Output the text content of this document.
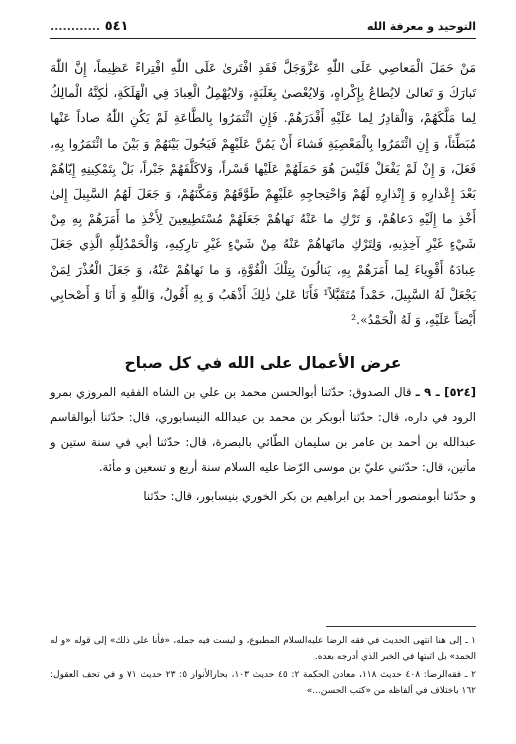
التوحيد و معرفة الله
............ ٥٤١
مَنْ حَمَلَ الْمَعاصِي عَلَى اللّٰهِ عَزَّوَجَلَّ فَقَدِ افْتَرىٰ عَلَى اللّٰهِ افْتِراءً عَظِيماً، إِنَّ اللّٰهَ تَبارَكَ وَ تَعالىٰ لايُطاعُ بِإِكْراهٍ، وَلايُعْصىٰ بِغَلَبَةٍ، وَلايُهْمِلُ الْعِبادَ فِي الْهَلَكَةِ، لٰكِنَّهُ الْمالِكُ لِما مَلَّكَهُمْ، وَالْقادِرُ لِما عَلَيْهِ أَقْدَرَهُمْ. فَإِنِ ائْتَمَرُوا بِالطَّاعَةِ لَمْ يَكُنِ اللّٰهُ صاداً عَنْها مُبَطِّئاً، وَ إِنِ ائْتَمَرُوا بِالْمَعْصِيَةِ فَشاءَ أَنْ يَمُنَّ عَلَيْهِمْ فَيَحُولَ بَيْنَهُمْ وَ بَيْنَ ما ائْتَمَرُوا بِهِ، فَعَلَ، وَ إِنْ لَمْ يَفْعَلْ فَلَيْسَ هُوَ حَمَلَهُمْ عَلَيْها قَسْراً، وَلاكَلَّفَهُمْ جَبْراً، بَلْ بِتَمْكِينِهِ إِيّاهُمْ بَعْدَ إِعْذارِهِ وَ إِنْذارِهِ لَهُمْ وَاحْتِجاجِهِ عَلَيْهِمْ طَوَّقَهُمْ وَمَكَّنَهُمْ، وَ جَعَلَ لَهُمُ السَّبِيلَ إِلىٰ أَخْذِ ما إِلَيْهِ دَعاهُمْ، وَ تَرْكِ ما عَنْهُ نَهاهُمْ جَعَلَهُمْ مُسْتَطِيعِينَ لِأَخْذِ ما أَمَرَهُمْ بِهِ مِنْ شَيْءٍ غَيْرِ آخِذِيهِ، وَلِتَرْكِ مانَهاهُمْ عَنْهُ مِنْ شَيْءٍ غَيْرِ تارِكِيهِ، وَالْحَمْدُلِلّٰهِ الَّذِي جَعَلَ عِبادَهُ أَقْوِياءَ لِما أَمَرَهُمْ بِهِ، يَنالُونَ بِتِلْكَ الْقُوَّةِ، وَ ما نَهاهُمْ عَنْهُ، وَ جَعَلَ الْعُذْرَ لِمَنْ يَجْعَلْ لَهُ السَّبِيلَ، حَمْداً مُتَقَبَّلاً¹ فَأَنَا عَلىٰ ذٰلِكَ أَذْهَبُ وَ بِهِ أَقُولُ، وَاللّٰهِ وَ أَنَا وَ أَصْحابِي أَيْضاً عَلَيْهِ، وَ لَهُ الْحَمْدُ».²
عرض الأعمال على الله في كل صباح

[٥٢٤] ـ ٩ ـ قال الصدوق: حدّثنا أبوالحسن محمد بن علي بن الشاه الفقيه المروزي بمرو الرود في داره، قال: حدّثنا أبوبكر بن محمد بن عبدالله النيسابوري، قال: حدّثنا أبوالقاسم عبدالله بن أحمد بن عامر بن سليمان الطّائي بالبصرة، قال: حدّثنا أبي في سنة ستين و مأتين، قال: حدّثني عليّ بن موسى الرّضا عليه السلام سنة أربع و تسعين و مأئة.

و حدّثنا أبومنصور أحمد بن ابراهيم بن بكر الخوري بنيسابور، قال: حدّثنا

١ ـ إلى هنا انتهى الحديث في فقه الرضا عليه‌السلام المطبوع، و ليست فيه جمله، «فأنا على ذلك» إلى قوله «و له الحمد» بل اثبتها في الخبر الذي أدرجه بعده.

٢ ـ فقه‌الرضا: ٤٠٨ حديث ١١٨، معادن الحكمة ٢: ٤٥ حديث ١٠٣، بحارالأنوار ٥: ٢٣ حديث ٧١ و في تحف العقول: ١٦٢ باختلاف في ألفاظه من «كتب الحسن...»
